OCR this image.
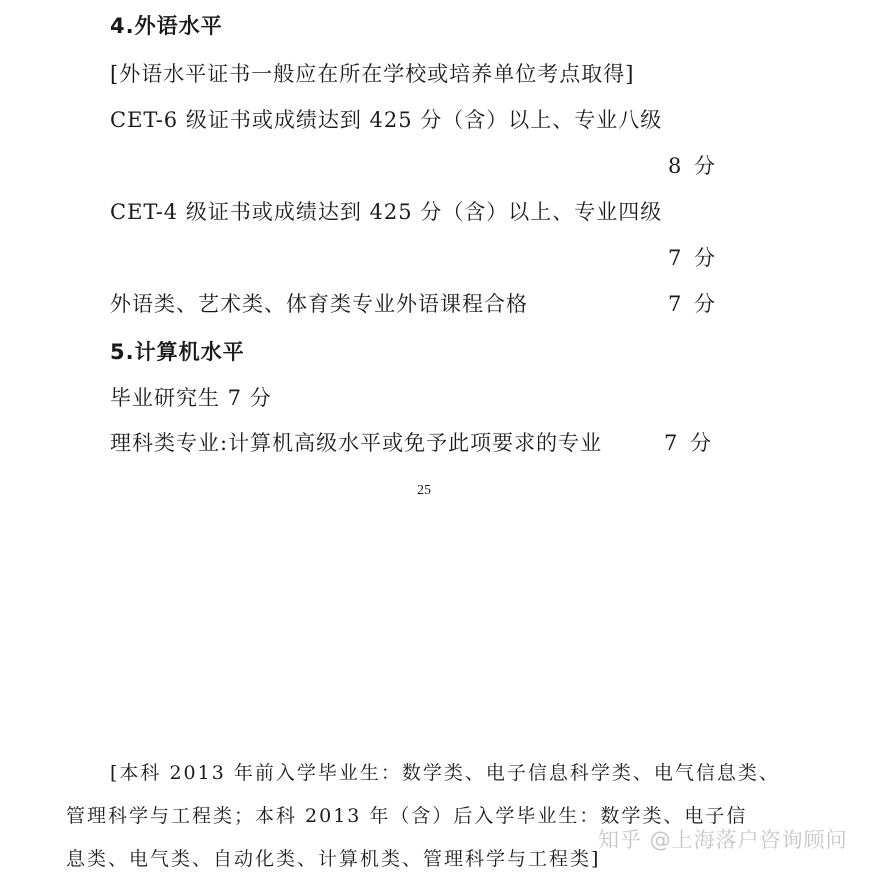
4.外语水平
[外语水平证书一般应在所在学校或培养单位考点取得]
CET-6 级证书或成绩达到 425 分（含）以上、专业八级
8 分
CET-4 级证书或成绩达到 425 分（含）以上、专业四级
7 分
外语类、艺术类、体育类专业外语课程合格	7 分
5.计算机水平
毕业研究生 7 分
理科类专业:计算机高级水平或免予此项要求的专业	7 分
25
[本科 2013 年前入学毕业生：数学类、电子信息科学类、电气信息类、
管理科学与工程类；本科 2013 年（含）后入学毕业生：数学类、电子信
息类、电气类、自动化类、计算机类、管理科学与工程类]
知乎 @上海落户咨询顾问
